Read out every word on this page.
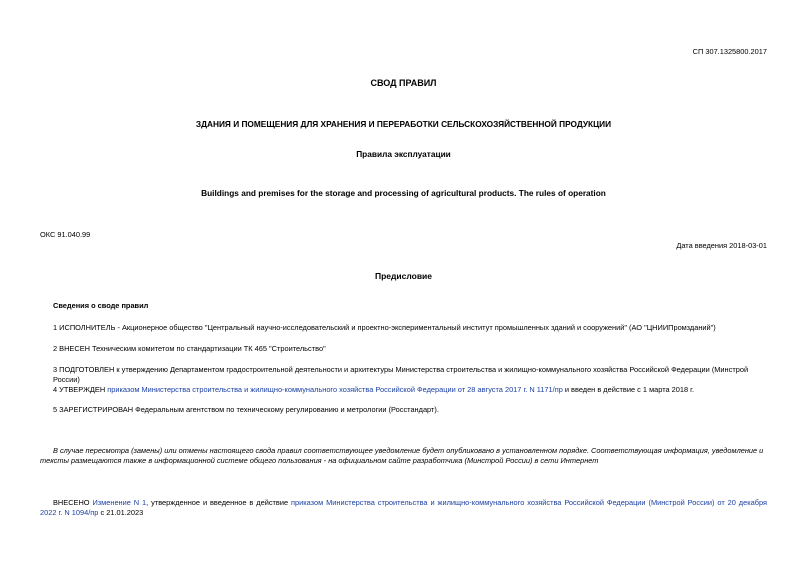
СП 307.1325800.2017
СВОД ПРАВИЛ
ЗДАНИЯ И ПОМЕЩЕНИЯ ДЛЯ ХРАНЕНИЯ И ПЕРЕРАБОТКИ СЕЛЬСКОХОЗЯЙСТВЕННОЙ ПРОДУКЦИИ
Правила эксплуатации
Buildings and premises for the storage and processing of agricultural products. The rules of operation
ОКС 91.040.99
Дата введения 2018-03-01
Предисловие
Сведения о своде правил
1 ИСПОЛНИТЕЛЬ - Акционерное общество "Центральный научно-исследовательский и проектно-экспериментальный институт промышленных зданий и сооружений" (АО "ЦНИИПромзданий")
2 ВНЕСЕН Техническим комитетом по стандартизации ТК 465 "Строительство"
3 ПОДГОТОВЛЕН к утверждению Департаментом градостроительной деятельности и архитектуры Министерства строительства и жилищно-коммунального хозяйства Российской Федерации (Минстрой России)
4 УТВЕРЖДЕН приказом Министерства строительства и жилищно-коммунального хозяйства Российской Федерации от 28 августа 2017 г. N 1171/пр и введен в действие с 1 марта 2018 г.
5 ЗАРЕГИСТРИРОВАН Федеральным агентством по техническому регулированию и метрологии (Росстандарт).
В случае пересмотра (замены) или отмены настоящего свода правил соответствующее уведомление будет опубликовано в установленном порядке. Соответствующая информация, уведомление и тексты размещаются также в информационной системе общего пользования - на официальном сайте разработчика (Минстрой России) в сети Интернет
ВНЕСЕНО Изменение N 1, утвержденное и введенное в действие приказом Министерства строительства и жилищно-коммунального хозяйства Российской Федерации (Минстрой России) от 20 декабря 2022 г. N 1094/пр с 21.01.2023
